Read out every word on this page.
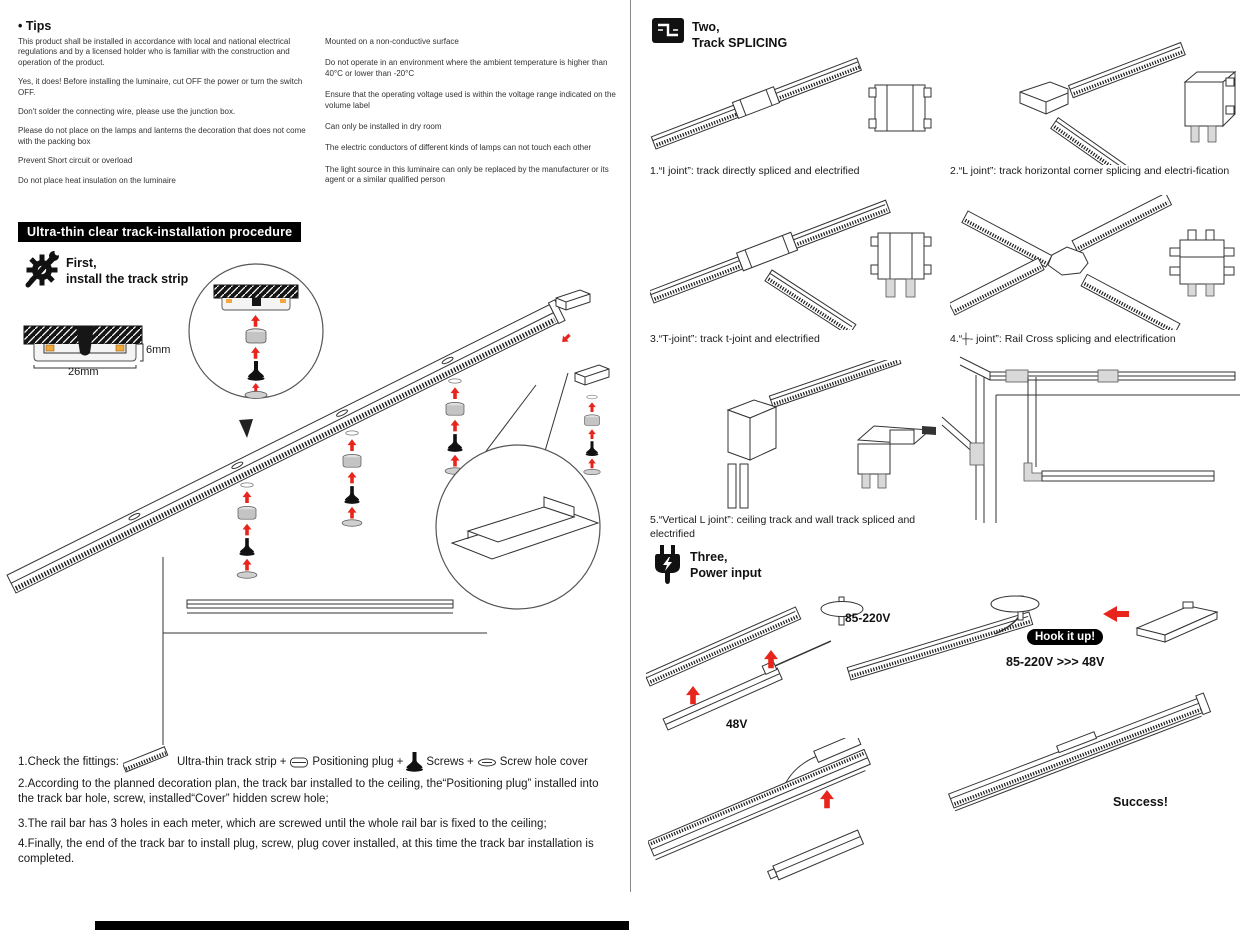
• Tips

This product shall be installed in accordance with local and national electrical regulations and by a licensed holder who is familiar with the construction and operation of the product.

Yes, it does! Before installing the luminaire, cut OFF the power or turn the switch OFF.

Don't solder the connecting wire, please use the junction box.

Please do not place on the lamps and lanterns the decoration that does not come with the packing box

Prevent Short circuit or overload

Do not place heat insulation on the luminaire

Mounted on a non-conductive surface

Do not operate in an environment where the ambient temperature is higher than 40°C or lower than -20°C

Ensure that the operating voltage used is within the voltage range indicated on the volume label

Can only be installed in dry room

The electric conductors of different kinds of lamps can not touch each other

The light source in this luminaire can only be replaced by the manufacturer or its agent or a similar qualified person

Ultra-thin clear track-installation procedure
First,
install the track strip
6mm
26mm
1.Check the fittings:	Ultra-thin track strip + Positioning plug + Screws + Screw hole cover

2.According to the planned decoration plan, the track bar installed to the ceiling, the“Positioning plug” installed into the track bar hole, screw, installed“Cover” hidden screw hole;

3.The rail bar has 3 holes in each meter, which are screwed until the whole rail bar is fixed to the ceiling;

4.Finally, the end of the track bar to install plug, screw, plug cover installed, at this time the track bar installation is completed.

Two,
Track SPLICING

1.“I joint”: track directly spliced and electrified	2.“L joint”: track horizontal corner splicing and electri-fication

3.“T-joint”: track t-joint and electrified	4.“┼- joint”: Rail Cross splicing and electrification

5.“Vertical L joint”: ceiling track and wall track spliced and electrified

Three,
Power input
85-220V
48V
Hook it up!
85-220V >>> 48V
Success!
